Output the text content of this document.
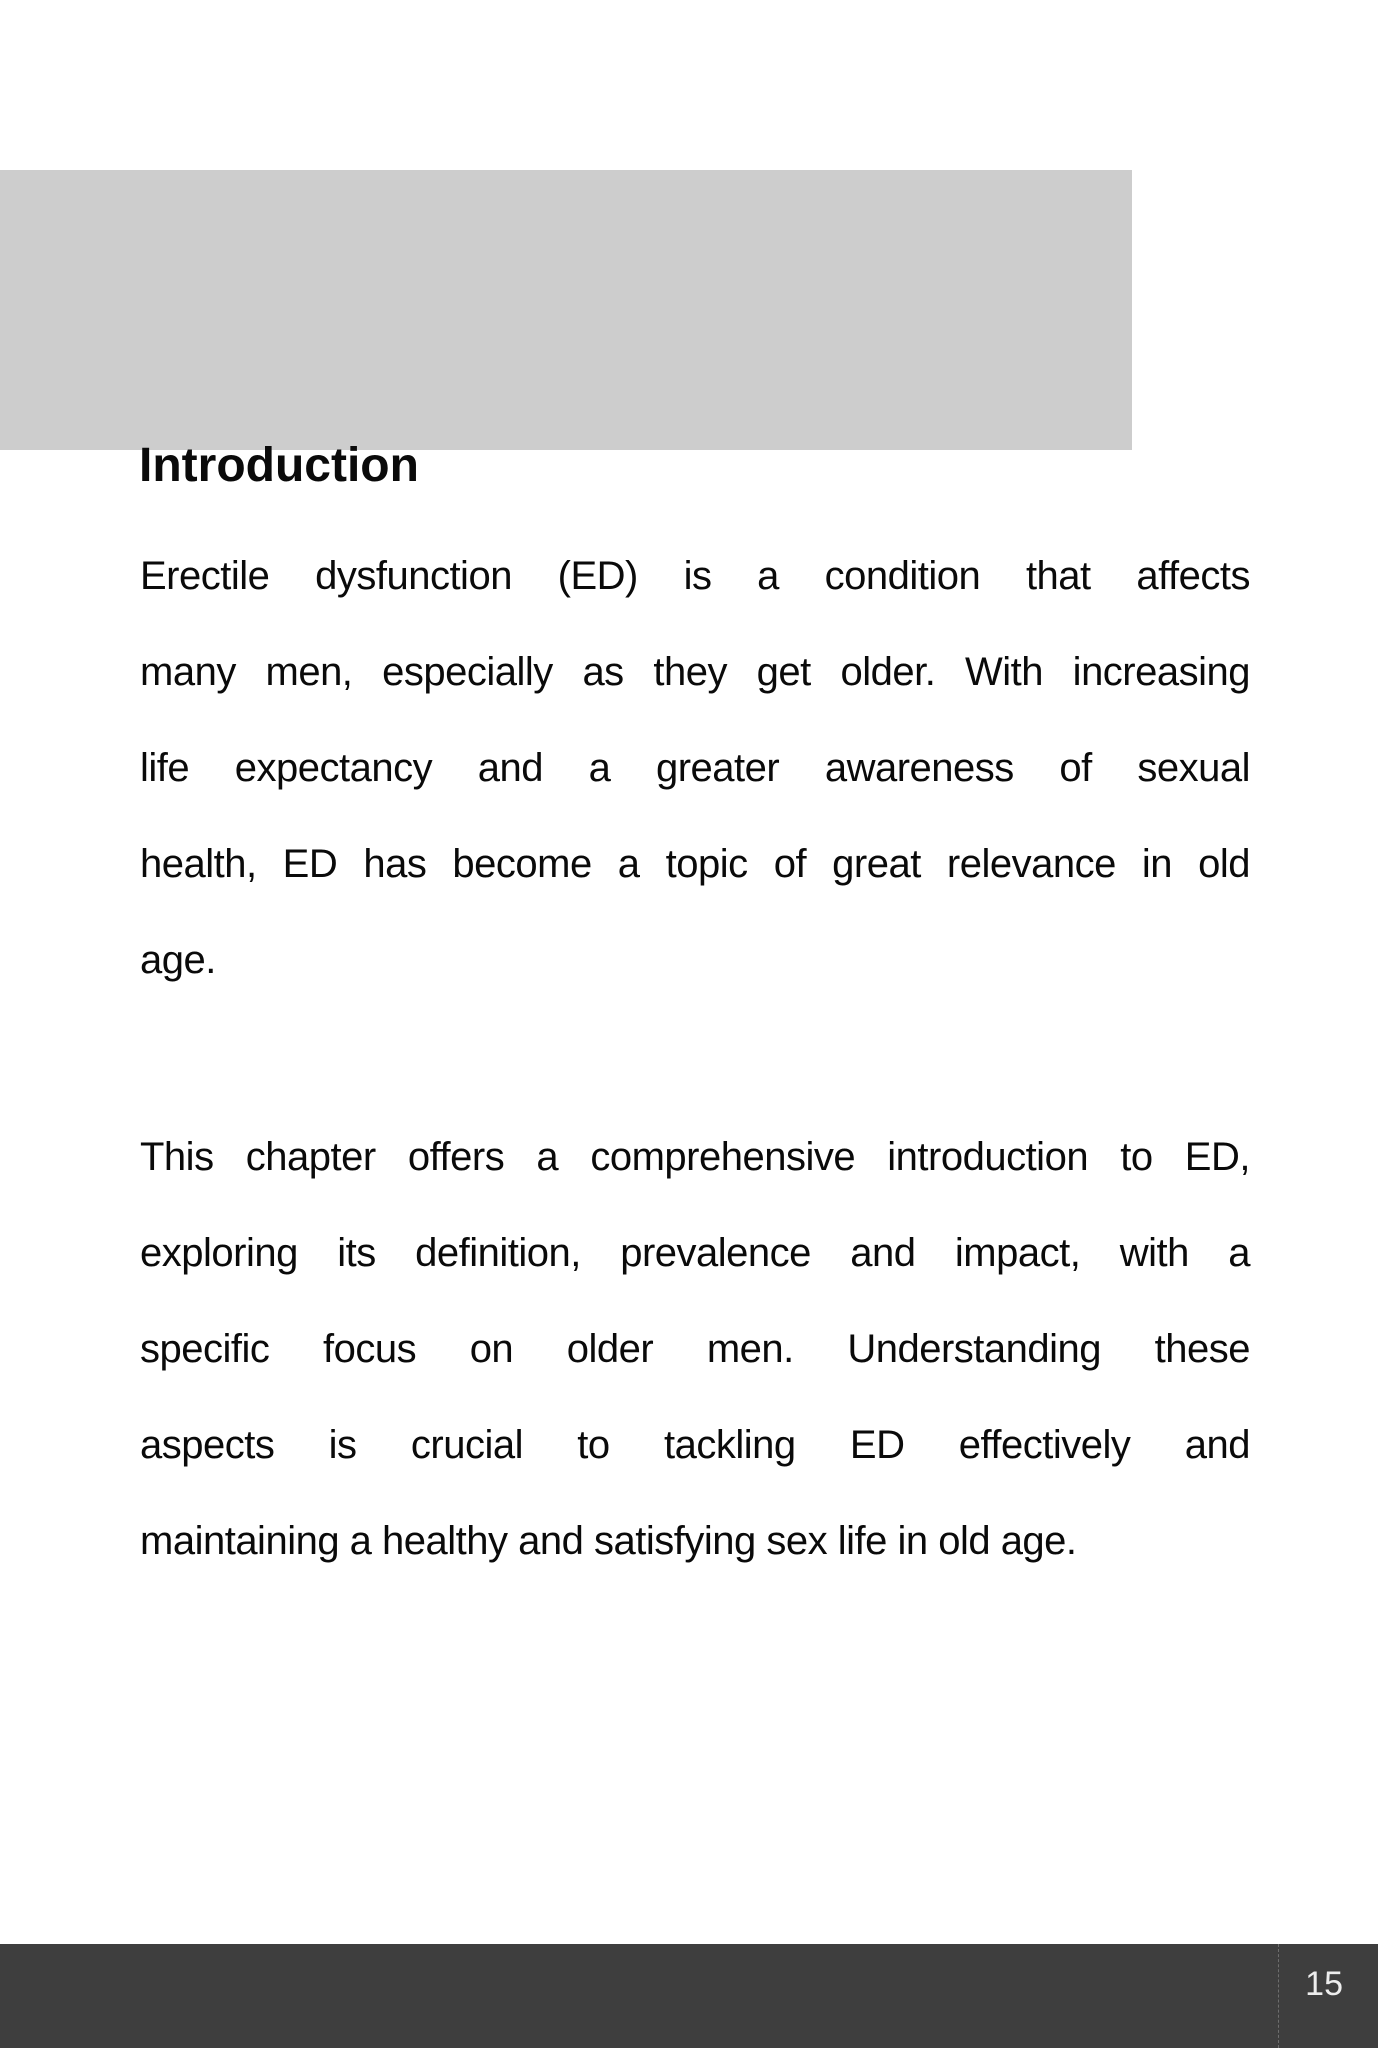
Introduction
Erectile dysfunction (ED) is a condition that affects
many men, especially as they get older. With increasing
life expectancy and a greater awareness of sexual
health, ED has become a topic of great relevance in old
age.
This chapter offers a comprehensive introduction to ED,
exploring its definition, prevalence and impact, with a
specific focus on older men. Understanding these
aspects is crucial to tackling ED effectively and
maintaining a healthy and satisfying sex life in old age.
15
